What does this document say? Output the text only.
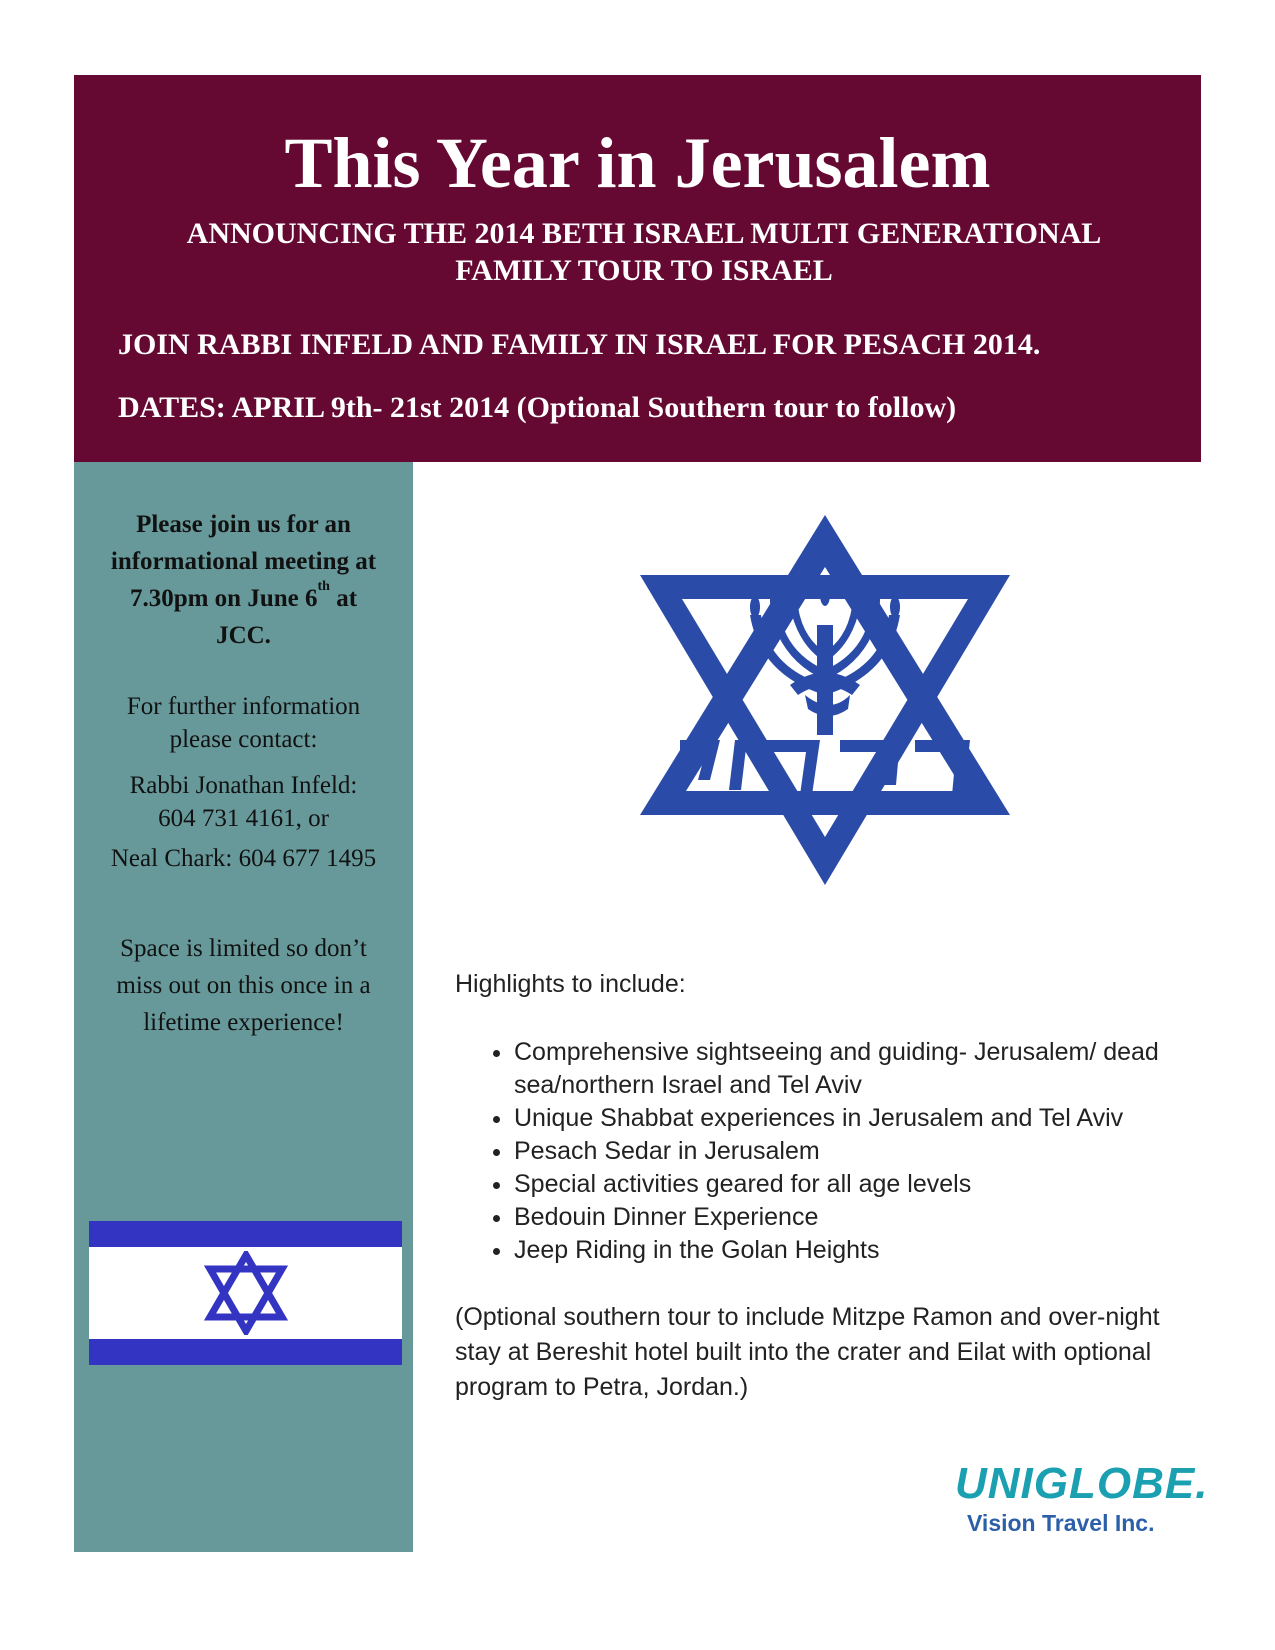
This Year in Jerusalem
ANNOUNCING THE 2014 BETH ISRAEL MULTI GENERATIONAL
FAMILY TOUR TO ISRAEL
JOIN RABBI INFELD AND FAMILY IN ISRAEL FOR PESACH 2014.
DATES: APRIL 9th- 21st 2014 (Optional Southern tour to follow)
Please join us for an
informational meeting at
7.30pm on June 6th at
JCC.
For further information
please contact:
Rabbi Jonathan Infeld:
604 731 4161, or
Neal Chark: 604 677 1495
Space is limited so don’t
miss out on this once in a
lifetime experience!
Highlights to include:
• Comprehensive sightseeing and guiding- Jerusalem/ dead sea/northern Israel and Tel Aviv
• Unique Shabbat experiences in Jerusalem and Tel Aviv
• Pesach Sedar in Jerusalem
• Special activities geared for all age levels
• Bedouin Dinner Experience
• Jeep Riding in the Golan Heights
(Optional southern tour to include Mitzpe Ramon and over-night stay at Bereshit hotel built into the crater and Eilat with optional program to Petra, Jordan.)
UNIGLOBE.
Vision Travel Inc.
